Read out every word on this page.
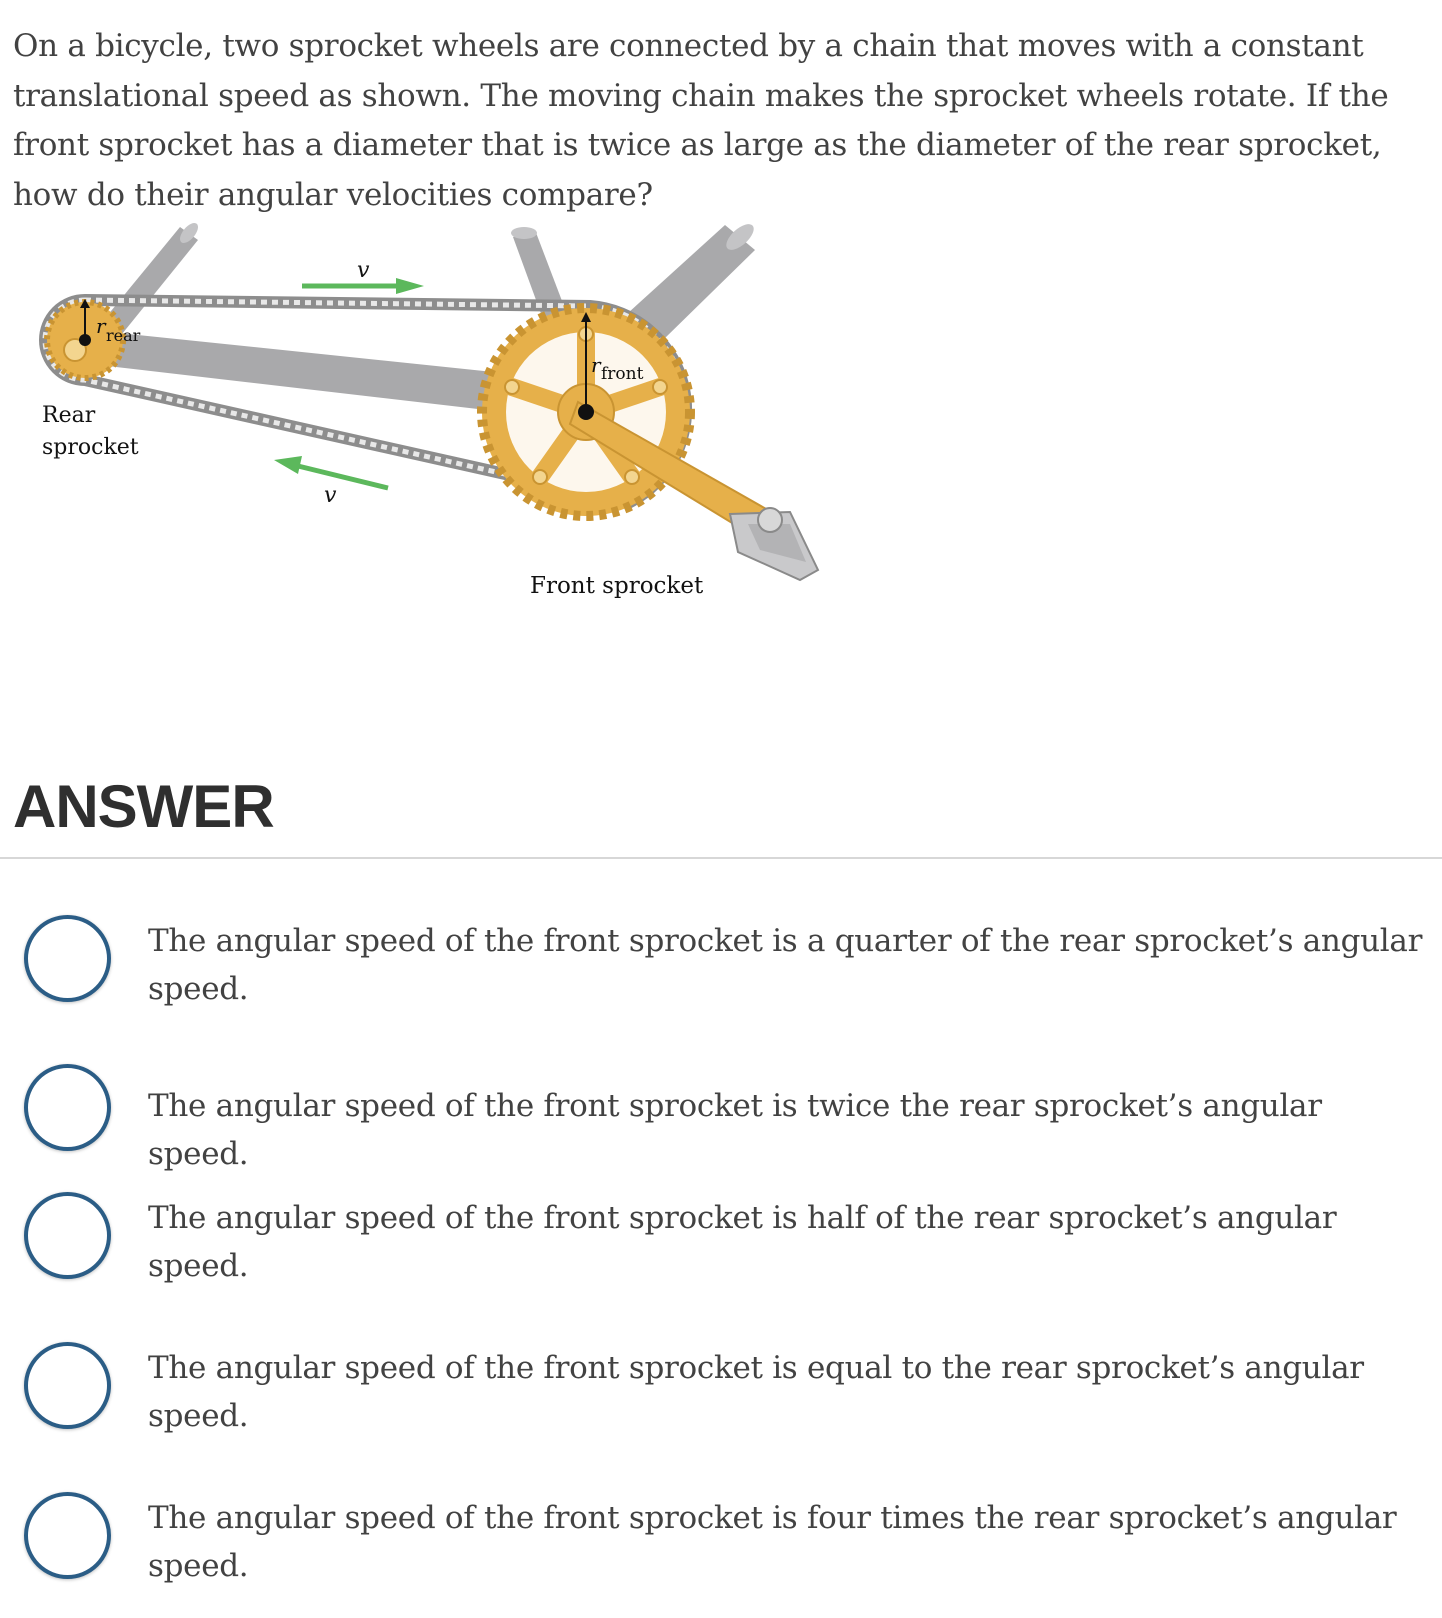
On a bicycle, two sprocket wheels are connected by a chain that moves with a constant translational speed as shown. The moving chain makes the sprocket wheels rotate. If the front sprocket has a diameter that is twice as large as the diameter of the rear sprocket, how do their angular velocities compare?

v
v
r rear
r front
Rear
sprocket
Front sprocket
ANSWER
The angular speed of the front sprocket is a quarter of the rear sprocket’s angular speed.
The angular speed of the front sprocket is twice the rear sprocket’s angular speed.
The angular speed of the front sprocket is half of the rear sprocket’s angular speed.
The angular speed of the front sprocket is equal to the rear sprocket’s angular speed.
The angular speed of the front sprocket is four times the rear sprocket’s angular speed.
